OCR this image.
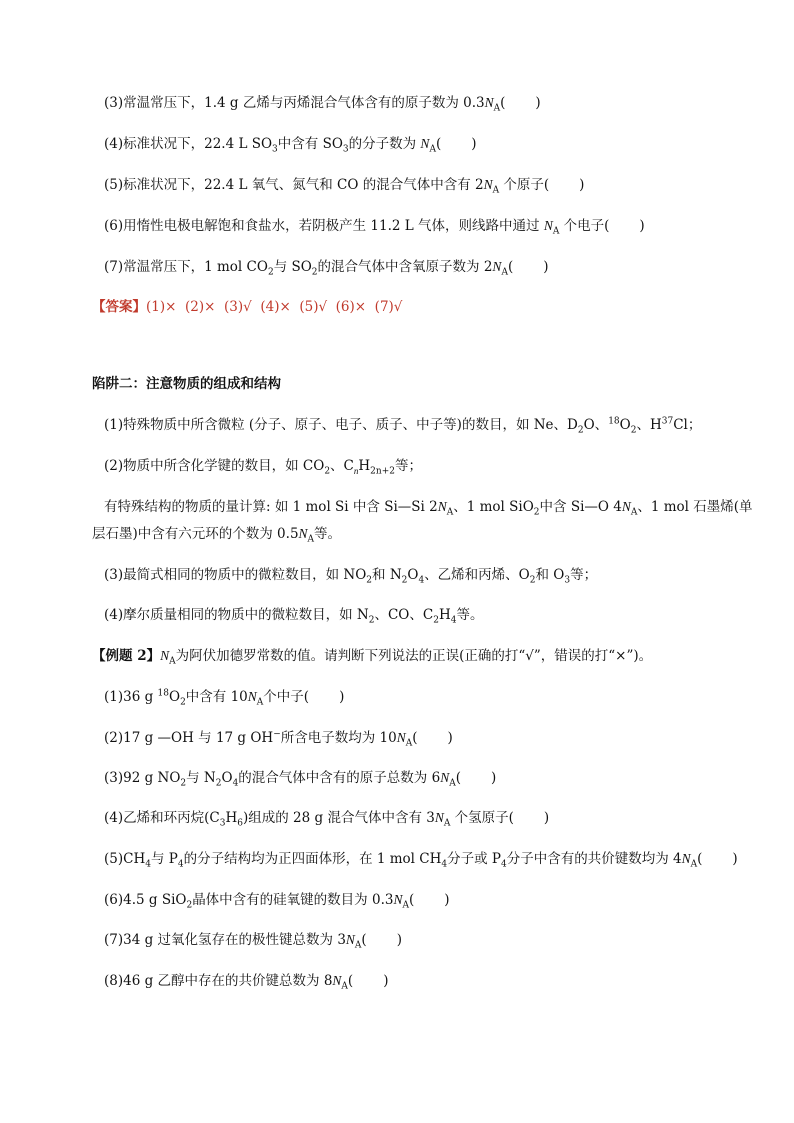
(3)常温常压下，1.4 g 乙烯与丙烯混合气体含有的原子数为 $0.3N_A$( )
(4)标准状况下，22.4 L $SO_3$中含有 $SO_3$的分子数为 $N_A$( )
(5)标准状况下，22.4 L 氧气、氮气和 CO 的混合气体中含有 $2N_A$ 个原子( )
(6)用惰性电极电解饱和食盐水，若阴极产生 11.2 L 气体，则线路中通过 $N_A$ 个电子( )
(7)常温常压下，1 mol $CO_2$与 $SO_2$的混合气体中含氧原子数为 $2N_A$( )
【答案】(1)×  (2)×  (3)√  (4)×  (5)√  (6)×  (7)√
陷阱二：注意物质的组成和结构
(1)特殊物质中所含微粒 (分子、原子、电子、质子、中子等)的数目，如 Ne、$D_2O$、$^{18}O_2$、$H^{37}Cl$；
(2)物质中所含化学键的数目，如 $CO_2$、$C_nH_{2n+2}$等；
有特殊结构的物质的量计算: 如 1 mol Si 中含 Si—Si $2N_A$、1 mol SiO$_2$中含 Si—O $4N_A$、1 mol 石墨烯(单
层石墨)中含有六元环的个数为 $0.5N_A$等。
(3)最简式相同的物质中的微粒数目，如 $NO_2$和 $N_2O_4$、乙烯和丙烯、$O_2$和 $O_3$等；
(4)摩尔质量相同的物质中的微粒数目，如 $N_2$、CO、$C_2H_4$等。
【例题 2】$N_A$为阿伏加德罗常数的值。请判断下列说法的正误(正确的打“√”，错误的打“×”)。
(1)36 g $^{18}O_2$中含有 $10N_A$个中子( )
(2)17 g —OH 与 17 g OH−所含电子数均为 $10N_A$( )
(3)92 g $NO_2$与 $N_2O_4$的混合气体中含有的原子总数为 $6N_A$( )
(4)乙烯和环丙烷$(C_3H_6)$组成的 28 g 混合气体中含有 $3N_A$ 个氢原子( )
$(5)CH_4$与 $P_4$的分子结构均为正四面体形，在 1 mol $CH_4$分子或 $P_4$分子中含有的共价键数均为 $4N_A$( )
(6)4.5 g SiO$_2$晶体中含有的硅氧键的数目为 $0.3N_A$( )
(7)34 g 过氧化氢存在的极性键总数为 $3N_A$( )
(8)46 g 乙醇中存在的共价键总数为 $8N_A$( )
